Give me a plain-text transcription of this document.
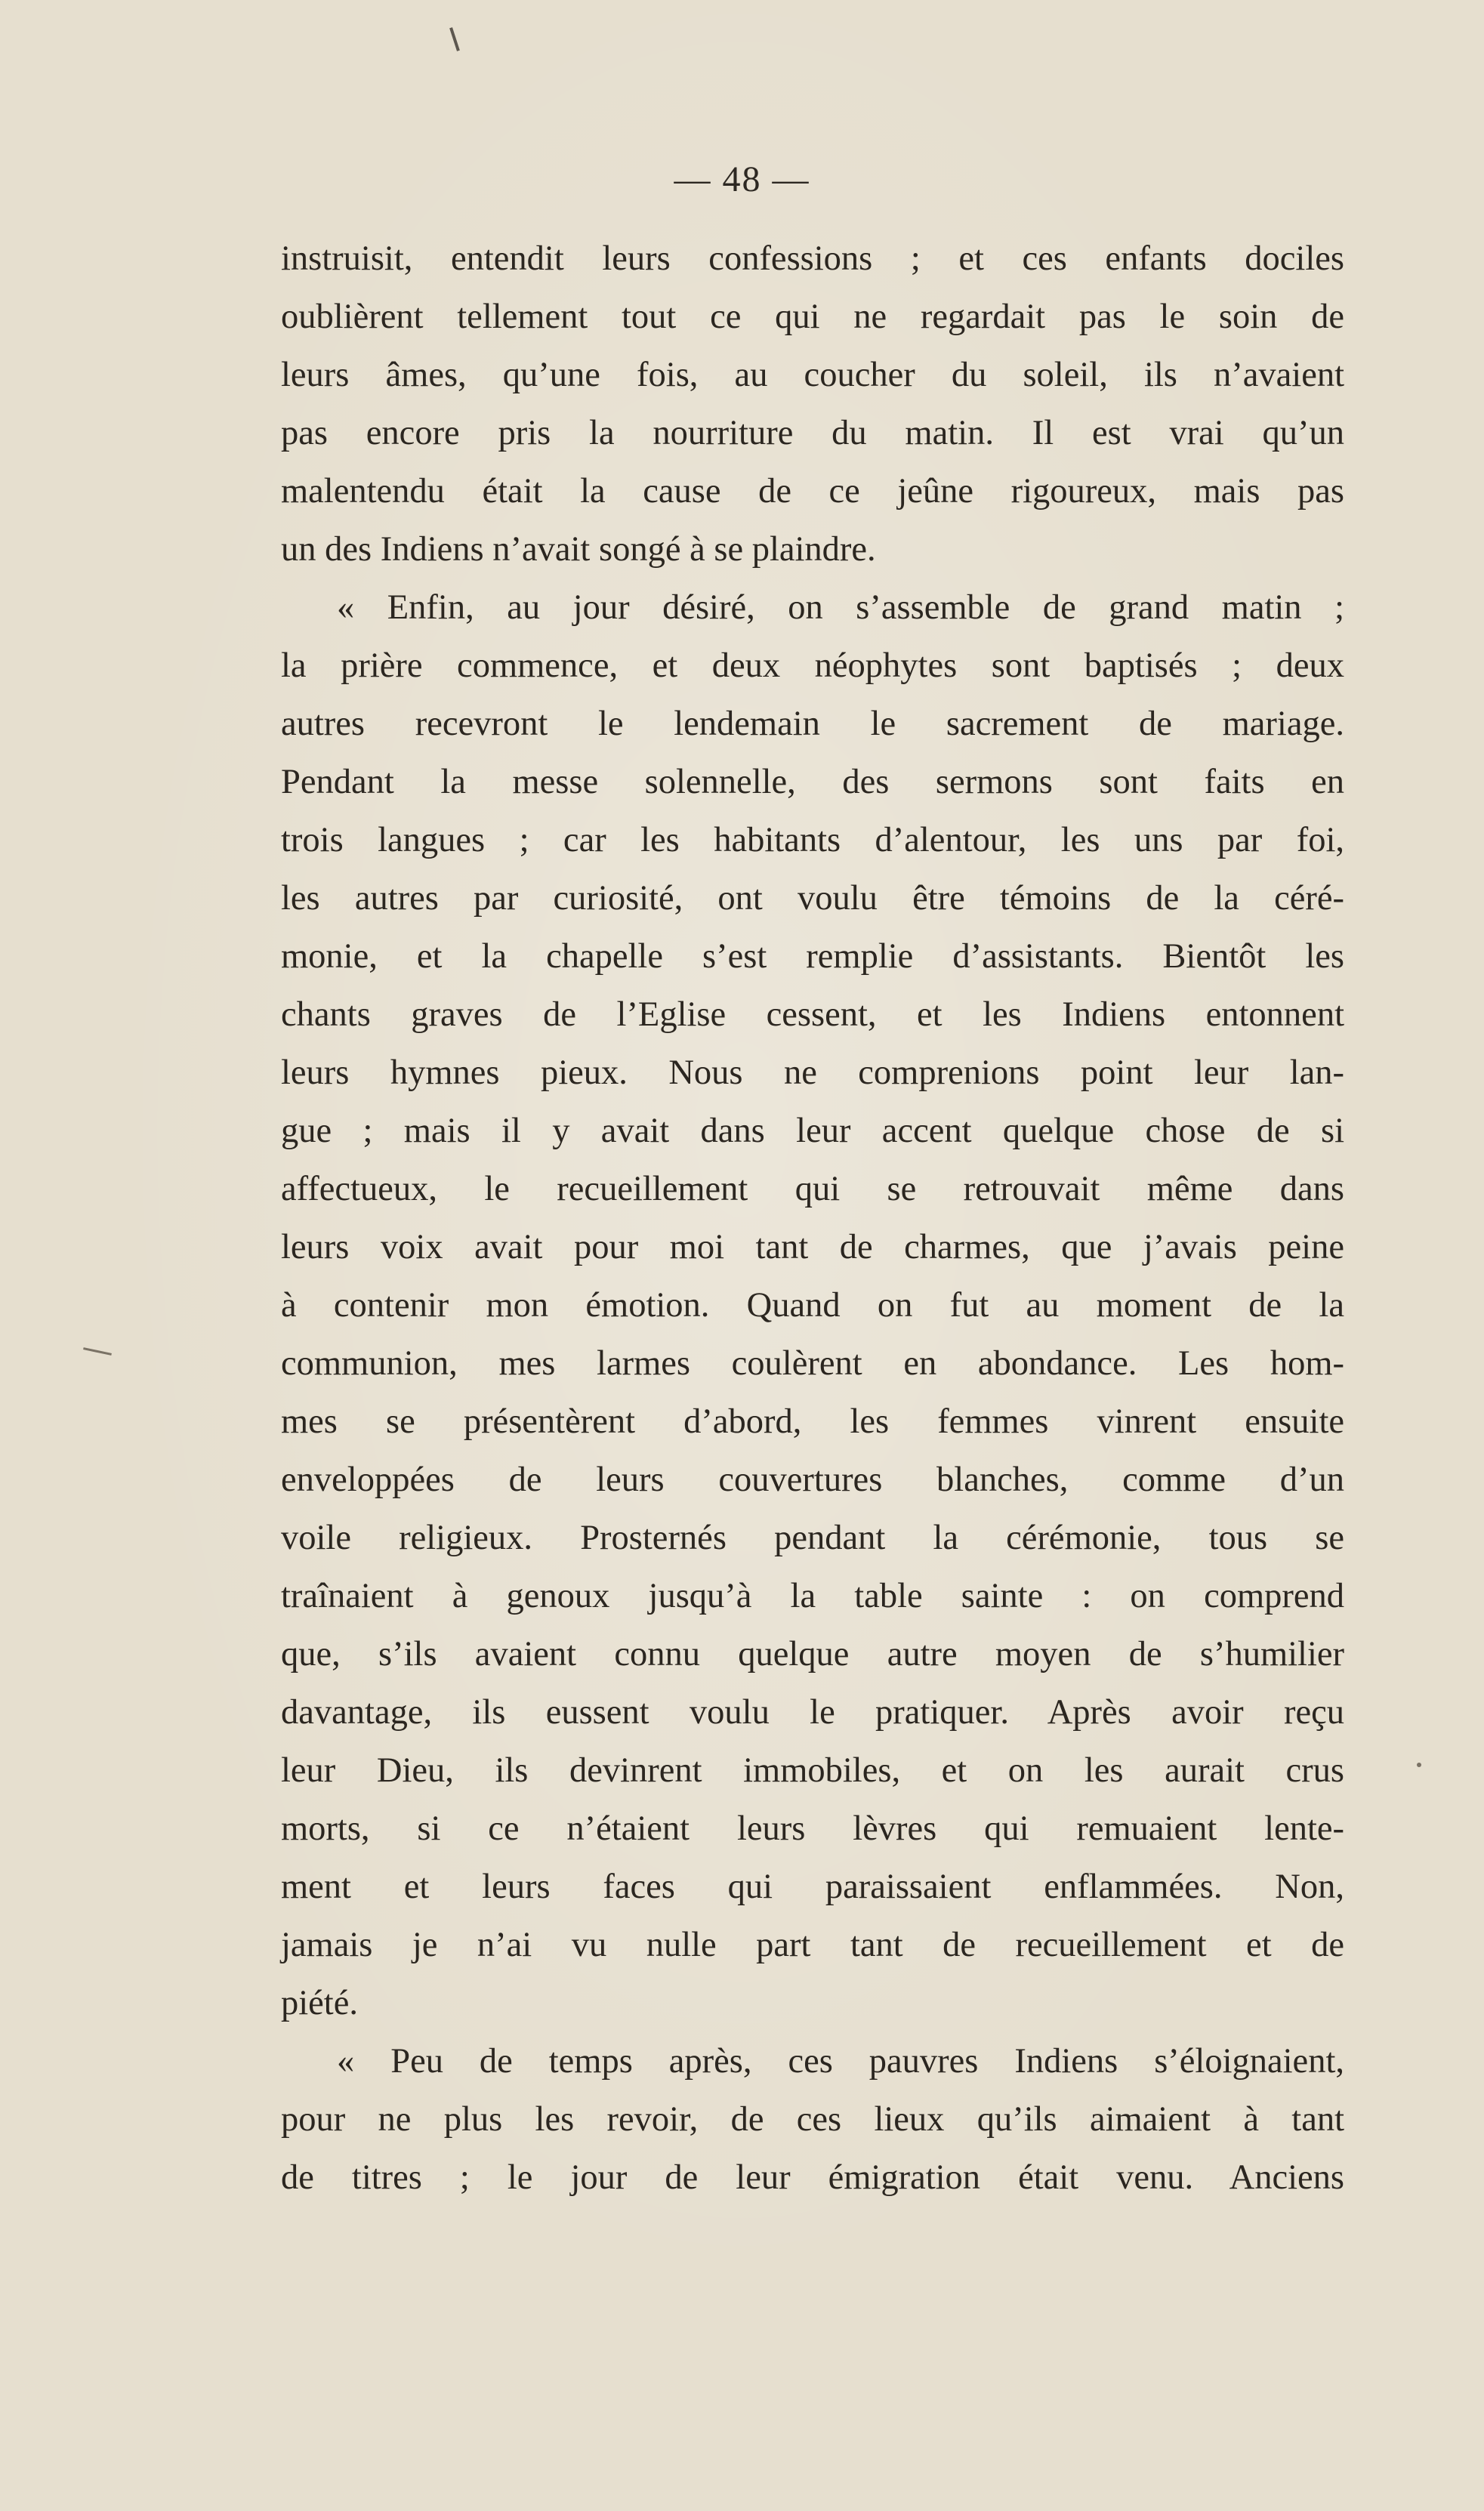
— 48 —
instruisit, entendit leurs confessions ; et ces enfants dociles
oublièrent tellement tout ce qui ne regardait pas le soin de
leurs âmes, qu’une fois, au coucher du soleil, ils n’avaient
pas encore pris la nourriture du matin. Il est vrai qu’un
malentendu était la cause de ce jeûne rigoureux, mais pas
un des Indiens n’avait songé à se plaindre.
« Enfin, au jour désiré, on s’assemble de grand matin ;
la prière commence, et deux néophytes sont baptisés ; deux
autres recevront le lendemain le sacrement de mariage.
Pendant la messe solennelle, des sermons sont faits en
trois langues ; car les habitants d’alentour, les uns par foi,
les autres par curiosité, ont voulu être témoins de la céré-
monie, et la chapelle s’est remplie d’assistants. Bientôt les
chants graves de l’Eglise cessent, et les Indiens entonnent
leurs hymnes pieux. Nous ne comprenions point leur lan-
gue ; mais il y avait dans leur accent quelque chose de si
affectueux, le recueillement qui se retrouvait même dans
leurs voix avait pour moi tant de charmes, que j’avais peine
à contenir mon émotion. Quand on fut au moment de la
communion, mes larmes coulèrent en abondance. Les hom-
mes se présentèrent d’abord, les femmes vinrent ensuite
enveloppées de leurs couvertures blanches, comme d’un
voile religieux. Prosternés pendant la cérémonie, tous se
traînaient à genoux jusqu’à la table sainte : on comprend
que, s’ils avaient connu quelque autre moyen de s’humilier
davantage, ils eussent voulu le pratiquer. Après avoir reçu
leur Dieu, ils devinrent immobiles, et on les aurait crus
morts, si ce n’étaient leurs lèvres qui remuaient lente-
ment et leurs faces qui paraissaient enflammées. Non,
jamais je n’ai vu nulle part tant de recueillement et de
piété.
« Peu de temps après, ces pauvres Indiens s’éloignaient,
pour ne plus les revoir, de ces lieux qu’ils aimaient à tant
de titres ; le jour de leur émigration était venu. Anciens
